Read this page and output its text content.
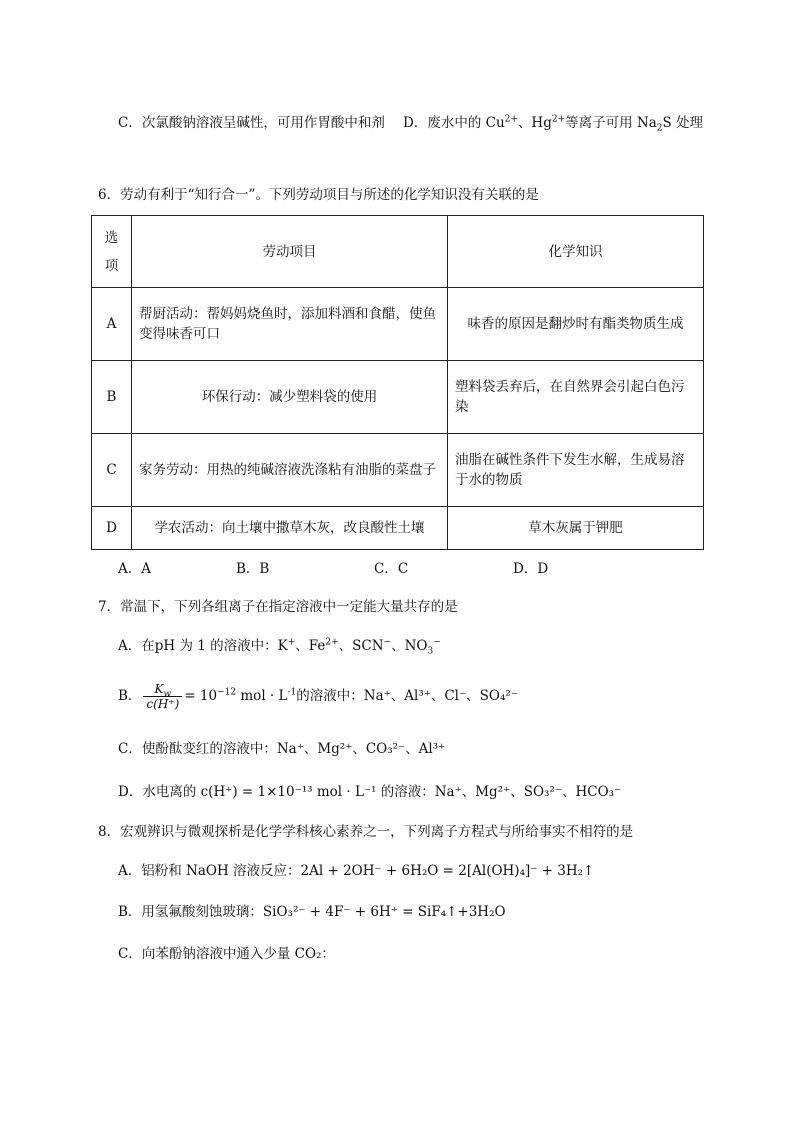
C．次氯酸钠溶液呈碱性，可用作胃酸中和剂 D．废水中的 $Cu^{2+}$、$Hg^{2+}$等离子可用 $Na_2S$ 处理
6．劳动有利于“知行合一”。下列劳动项目与所述的化学知识没有关联的是
选
项	劳动项目	化学知识
A	帮厨活动：帮妈妈烧鱼时，添加料酒和食醋，使鱼变得味香可口	味香的原因是翻炒时有酯类物质生成
B	环保行动：减少塑料袋的使用	塑料袋丢弃后，在自然界会引起白色污染
C	家务劳动：用热的纯碱溶液洗涤粘有油脂的菜盘子	油脂在碱性条件下发生水解，生成易溶于水的物质
D	学农活动：向土壤中撒草木灰，改良酸性土壤	草木灰属于钾肥
A．A	B．B	C．C	D．D
7．常温下，下列各组离子在指定溶液中一定能大量共存的是
A．在pH 为 1 的溶液中：K+、$Fe^{2+}$、SCN−、$NO_3^-$
B． $\frac{K_w}{c(H^+)} = 10^{-12}$ mol · $L^{-1}$的溶液中：Na⁺、Al³⁺、Cl⁻、SO₄²⁻
C．使酚酞变红的溶液中：Na⁺、Mg²⁺、CO₃²⁻、Al³⁺
D．水电离的 c(H⁺) = 1×10⁻¹³ mol · L⁻¹ 的溶液：Na⁺、Mg²⁺、SO₃²⁻、HCO₃⁻
8．宏观辨识与微观探析是化学学科核心素养之一，下列离子方程式与所给事实不相符的是
A．铝粉和 NaOH 溶液反应：2Al + 2OH⁻ + 6H₂O = 2[Al(OH)₄]⁻ + 3H₂↑
B．用氢氟酸刻蚀玻璃：SiO₃²⁻ + 4F⁻ + 6H⁺ = SiF₄↑+3H₂O
C．向苯酚钠溶液中通入少量 CO₂：
